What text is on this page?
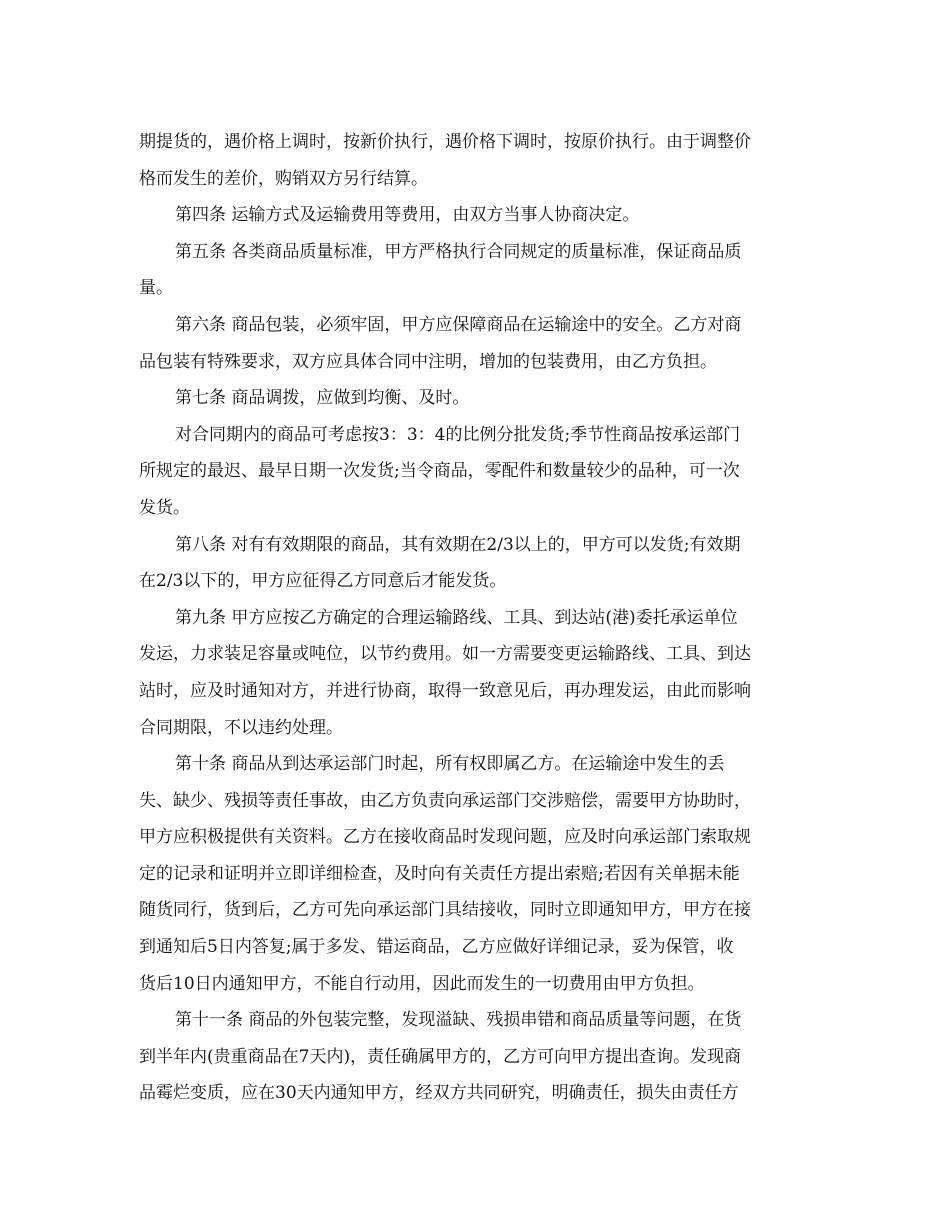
期提货的，遇价格上调时，按新价执行，遇价格下调时，按原价执行。由于调整价
格而发生的差价，购销双方另行结算。
第四条 运输方式及运输费用等费用，由双方当事人协商决定。
第五条 各类商品质量标准，甲方严格执行合同规定的质量标准，保证商品质
量。
第六条 商品包装，必须牢固，甲方应保障商品在运输途中的安全。乙方对商
品包装有特殊要求，双方应具体合同中注明，增加的包装费用，由乙方负担。
第七条 商品调拨，应做到均衡、及时。
对合同期内的商品可考虑按3：3：4的比例分批发货;季节性商品按承运部门
所规定的最迟、最早日期一次发货;当令商品，零配件和数量较少的品种，可一次
发货。
第八条 对有有效期限的商品，其有效期在2/3以上的，甲方可以发货;有效期
在2/3以下的，甲方应征得乙方同意后才能发货。
第九条 甲方应按乙方确定的合理运输路线、工具、到达站(港)委托承运单位
发运，力求装足容量或吨位，以节约费用。如一方需要变更运输路线、工具、到达
站时，应及时通知对方，并进行协商，取得一致意见后，再办理发运，由此而影响
合同期限，不以违约处理。
第十条 商品从到达承运部门时起，所有权即属乙方。在运输途中发生的丢
失、缺少、残损等责任事故，由乙方负责向承运部门交涉赔偿，需要甲方协助时，
甲方应积极提供有关资料。乙方在接收商品时发现问题，应及时向承运部门索取规
定的记录和证明并立即详细检查，及时向有关责任方提出索赔;若因有关单据未能
随货同行，货到后，乙方可先向承运部门具结接收，同时立即通知甲方，甲方在接
到通知后5日内答复;属于多发、错运商品，乙方应做好详细记录，妥为保管，收
货后10日内通知甲方，不能自行动用，因此而发生的一切费用由甲方负担。
第十一条 商品的外包装完整，发现溢缺、残损串错和商品质量等问题，在货
到半年内(贵重商品在7天内)，责任确属甲方的，乙方可向甲方提出查询。发现商
品霉烂变质，应在30天内通知甲方，经双方共同研究，明确责任，损失由责任方
